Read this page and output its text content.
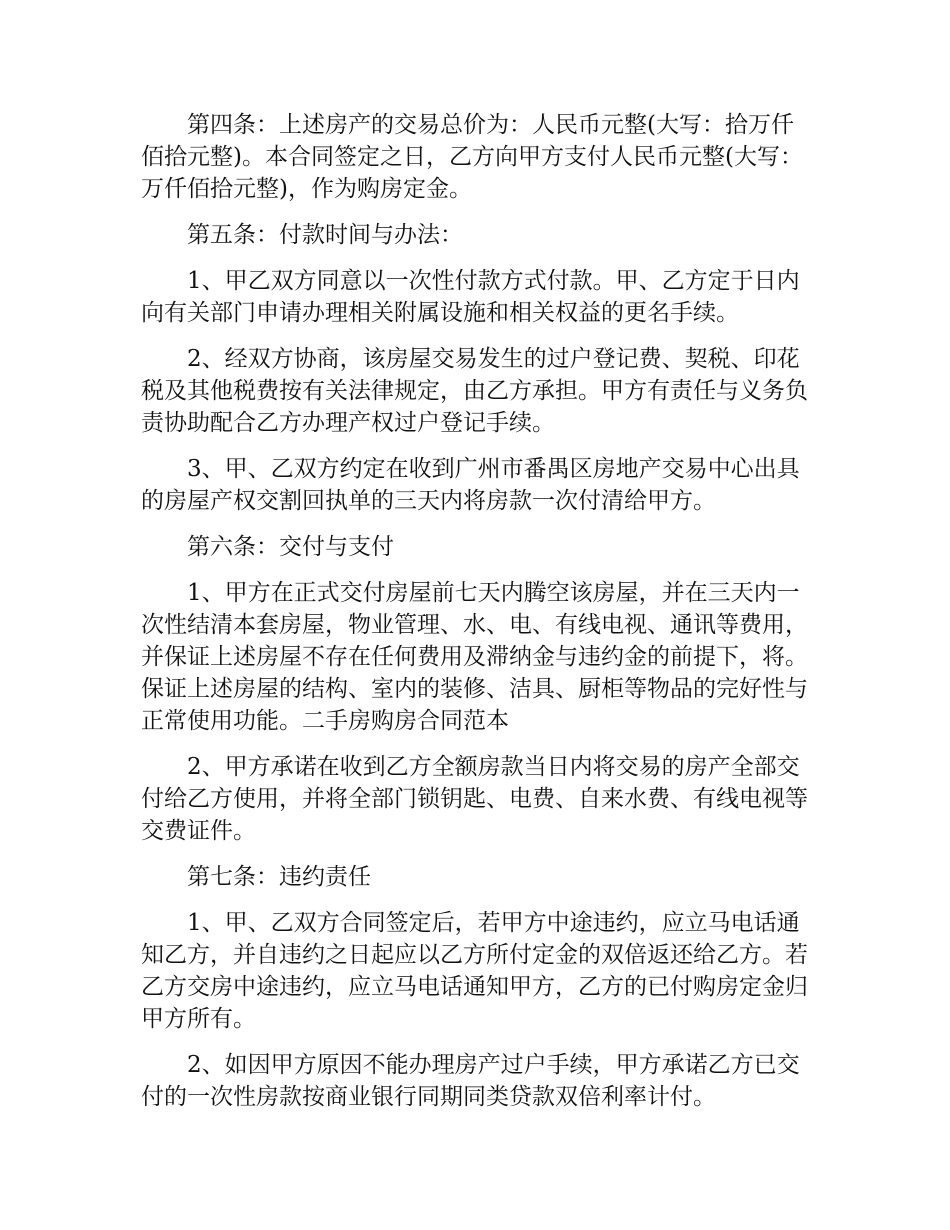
第四条：上述房产的交易总价为：人民币元整(大写：拾万仟佰拾元整)。本合同签定之日，乙方向甲方支付人民币元整(大写：万仟佰拾元整)，作为购房定金。

第五条：付款时间与办法：

1、甲乙双方同意以一次性付款方式付款。甲、乙方定于日内向有关部门申请办理相关附属设施和相关权益的更名手续。

2、经双方协商，该房屋交易发生的过户登记费、契税、印花税及其他税费按有关法律规定，由乙方承担。甲方有责任与义务负责协助配合乙方办理产权过户登记手续。

3、甲、乙双方约定在收到广州市番禺区房地产交易中心出具的房屋产权交割回执单的三天内将房款一次付清给甲方。

第六条：交付与支付

1、甲方在正式交付房屋前七天内腾空该房屋，并在三天内一次性结清本套房屋，物业管理、水、电、有线电视、通讯等费用，并保证上述房屋不存在任何费用及滞纳金与违约金的前提下，将。保证上述房屋的结构、室内的装修、洁具、厨柜等物品的完好性与正常使用功能。二手房购房合同范本

2、甲方承诺在收到乙方全额房款当日内将交易的房产全部交付给乙方使用，并将全部门锁钥匙、电费、自来水费、有线电视等交费证件。

第七条：违约责任

1、甲、乙双方合同签定后，若甲方中途违约，应立马电话通知乙方，并自违约之日起应以乙方所付定金的双倍返还给乙方。若乙方交房中途违约，应立马电话通知甲方，乙方的已付购房定金归甲方所有。

2、如因甲方原因不能办理房产过户手续，甲方承诺乙方已交付的一次性房款按商业银行同期同类贷款双倍利率计付。
